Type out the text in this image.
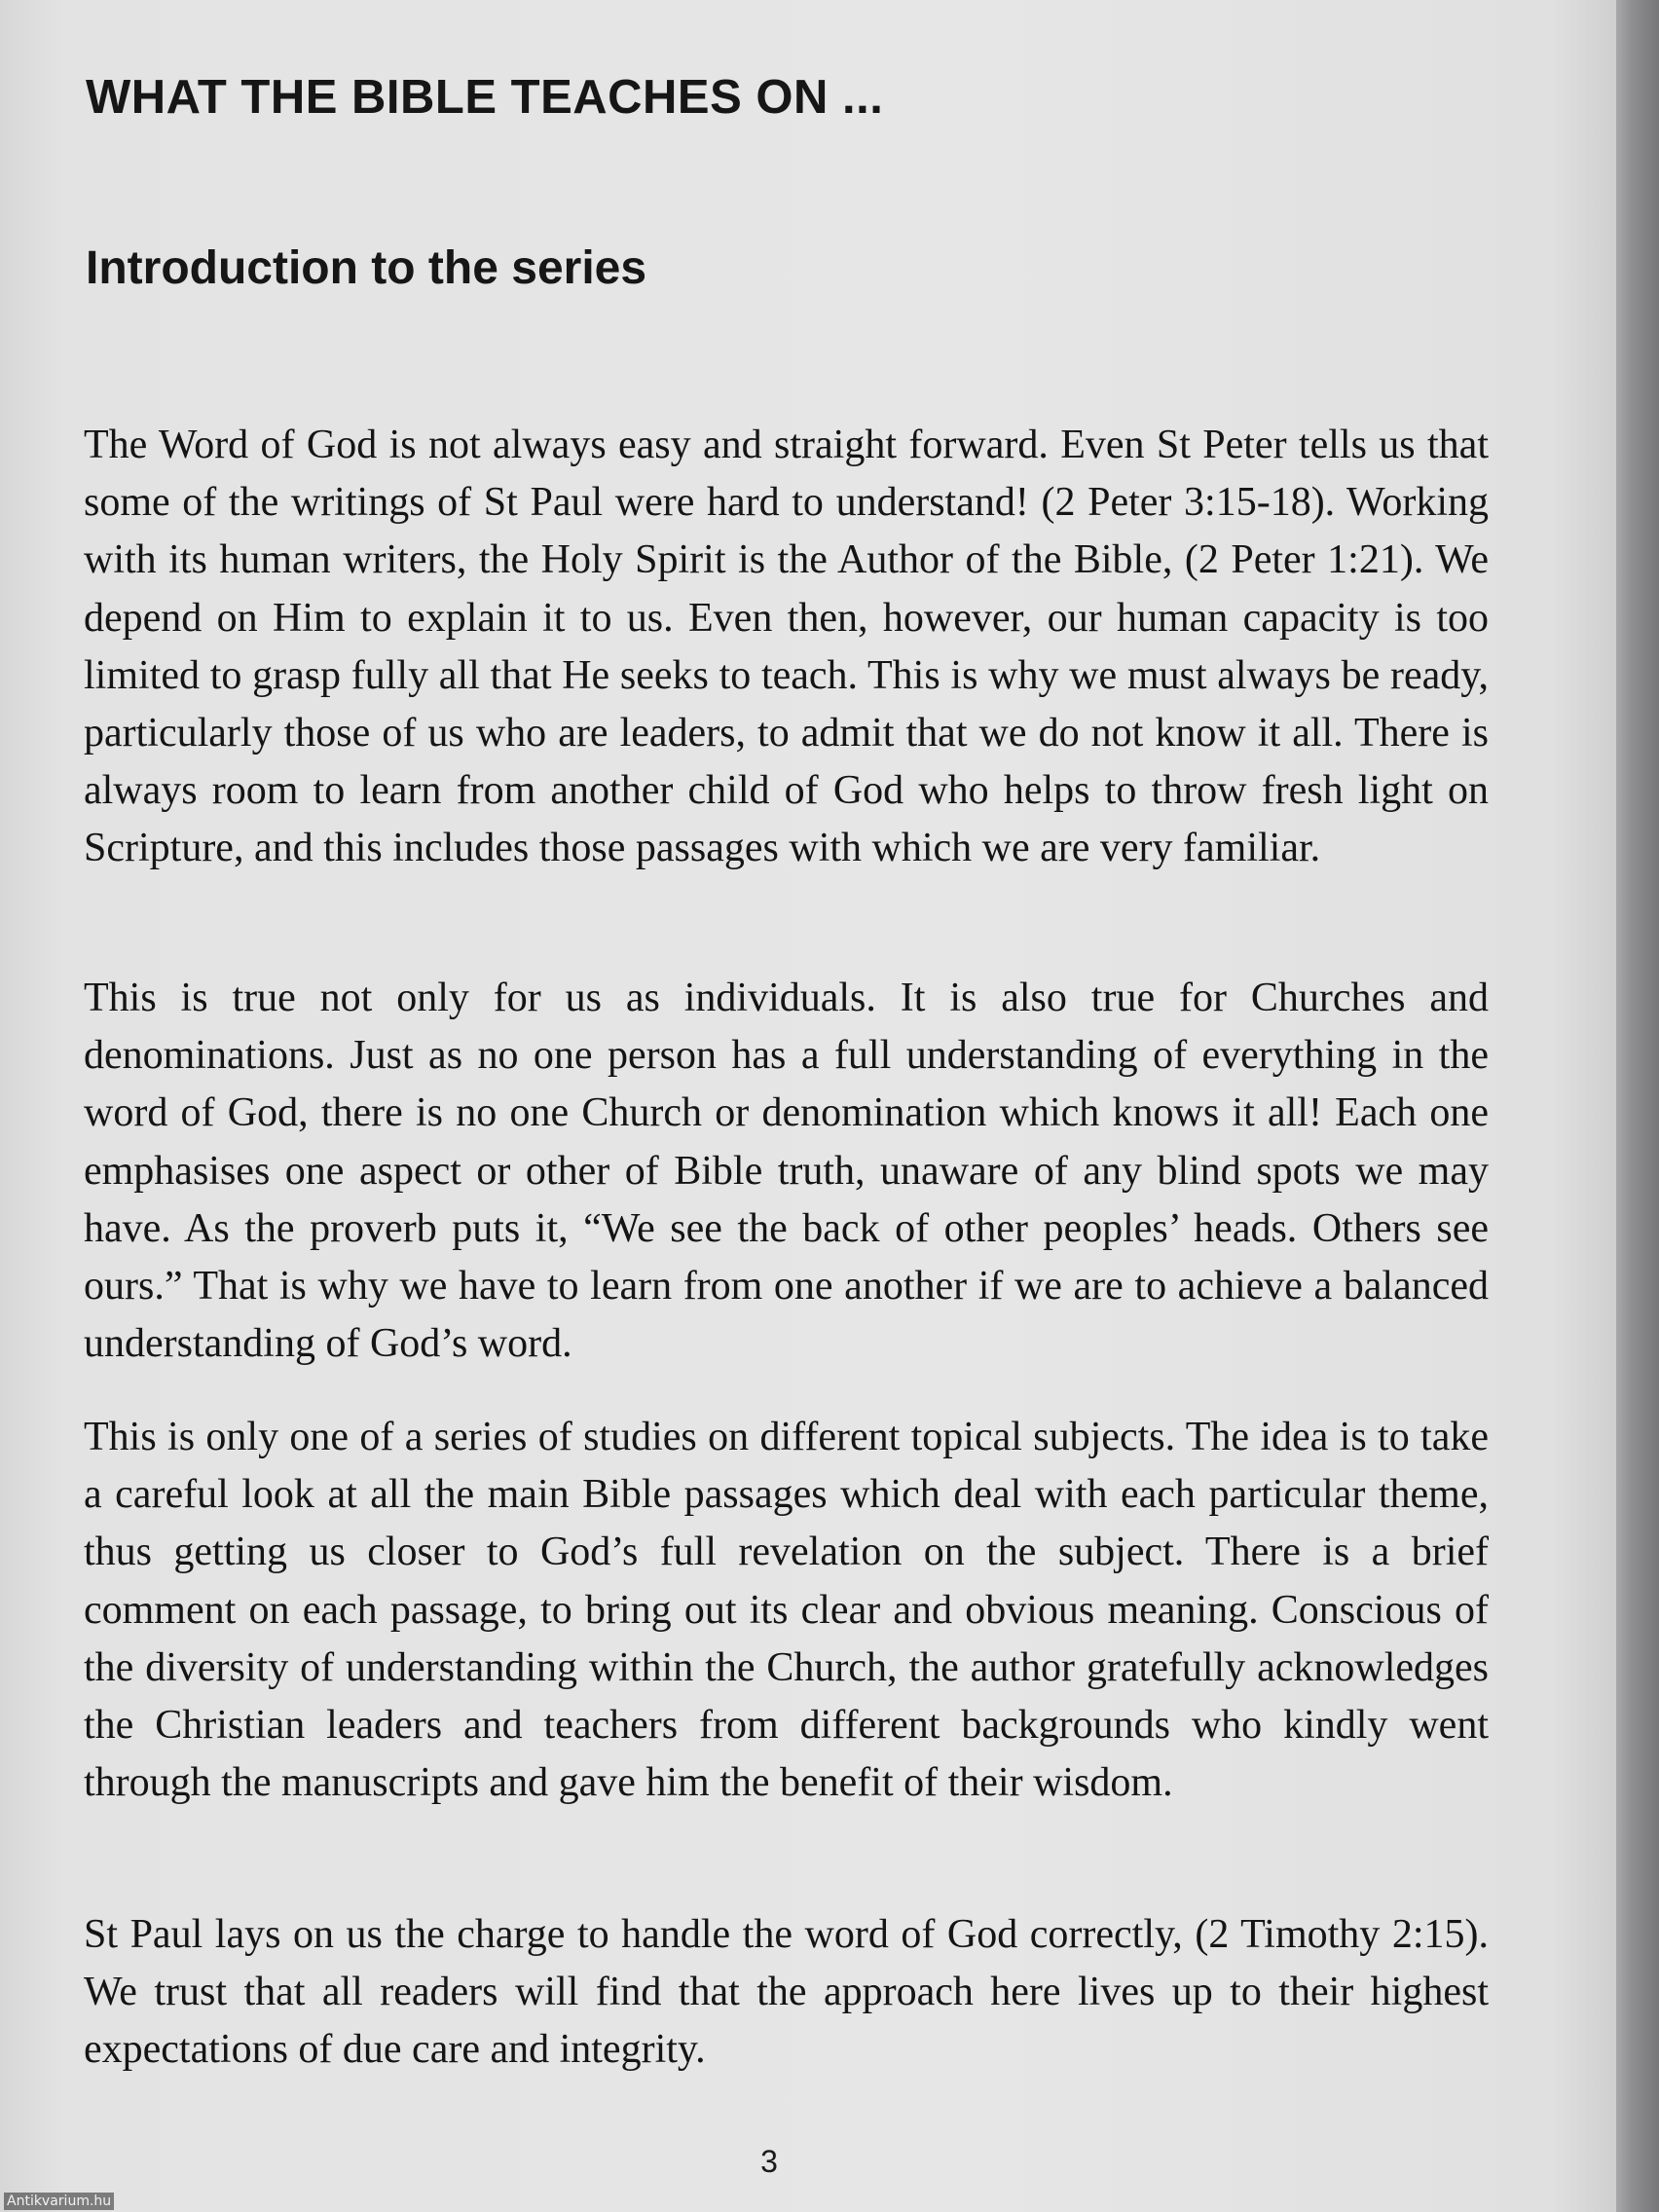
WHAT THE BIBLE TEACHES ON ...
Introduction to the series

The Word of God is not always easy and straight forward. Even St Peter tells us that some of the writings of St Paul were hard to understand! (2 Peter 3:15-18). Working with its human writers, the Holy Spirit is the Author of the Bible, (2 Peter 1:21). We depend on Him to explain it to us. Even then, however, our human capacity is too limited to grasp fully all that He seeks to teach. This is why we must always be ready, particularly those of us who are leaders, to admit that we do not know it all. There is always room to learn from another child of God who helps to throw fresh light on Scripture, and this includes those passages with which we are very familiar.

This is true not only for us as individuals. It is also true for Churches and denominations. Just as no one person has a full understanding of everything in the word of God, there is no one Church or denomination which knows it all! Each one emphasises one aspect or other of Bible truth, unaware of any blind spots we may have. As the proverb puts it, “We see the back of other peoples’ heads. Others see ours.” That is why we have to learn from one another if we are to achieve a balanced understanding of God’s word.

This is only one of a series of studies on different topical subjects. The idea is to take a careful look at all the main Bible passages which deal with each particular theme, thus getting us closer to God’s full revelation on the subject. There is a brief comment on each passage, to bring out its clear and obvious meaning. Conscious of the diversity of understanding within the Church, the author gratefully acknowledges the Christian leaders and teachers from different backgrounds who kindly went through the manuscripts and gave him the benefit of their wisdom.

St Paul lays on us the charge to handle the word of God correctly, (2 Timothy 2:15). We trust that all readers will find that the approach here lives up to their highest expectations of due care and integrity.

3
Antikvarium.hu
